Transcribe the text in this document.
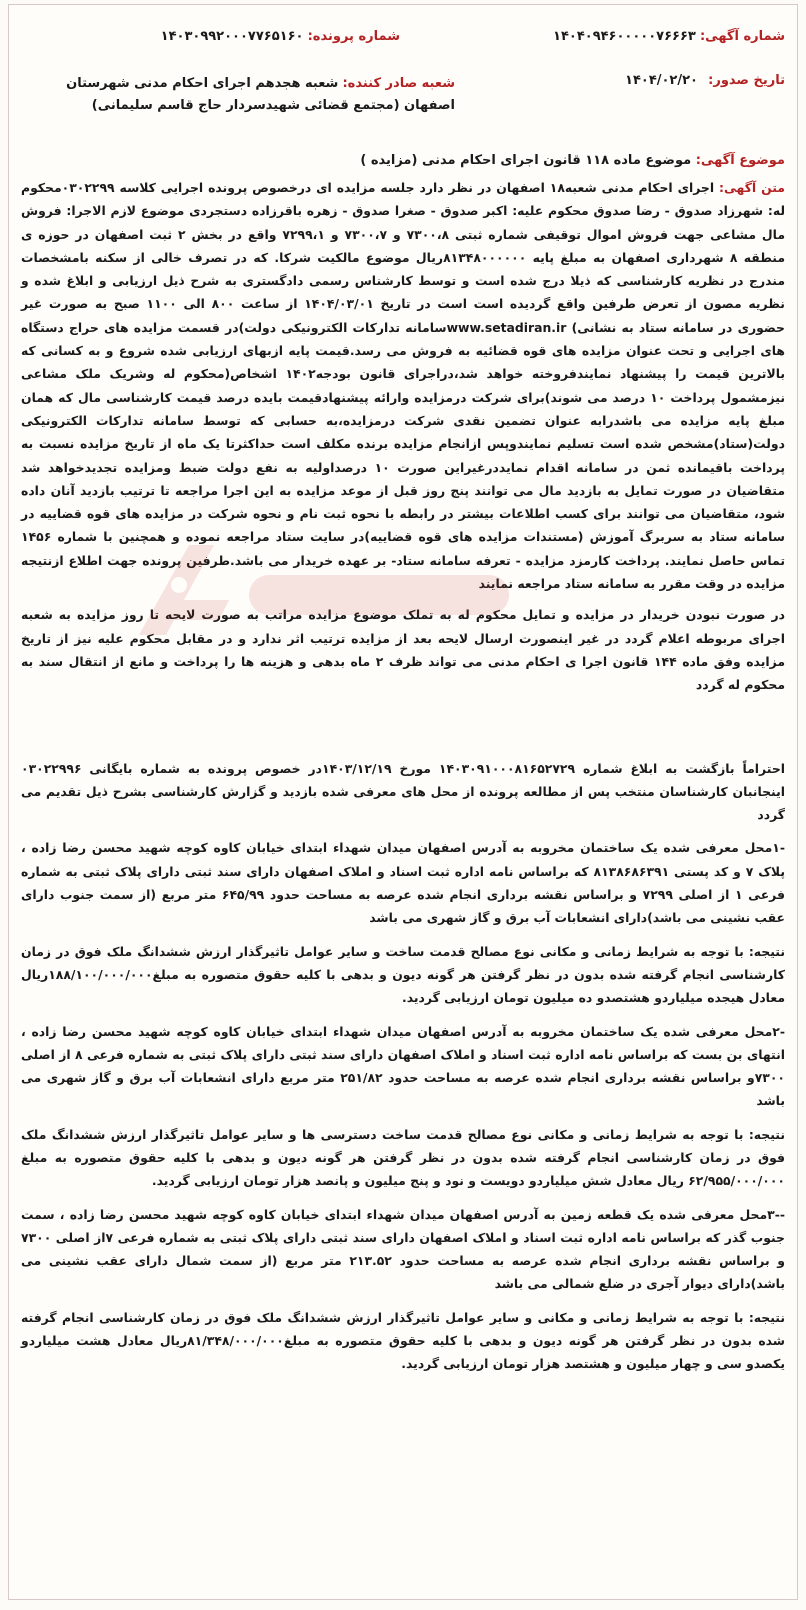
شماره آگهی: ۱۴۰۴۰۹۴۶۰۰۰۰۰۷۶۶۶۳
شماره پرونده: ۱۴۰۳۰۹۹۲۰۰۰۷۷۶۵۱۶۰
تاریخ صدور: ۱۴۰۴/۰۲/۲۰
شعبه صادر کننده: شعبه هجدهم اجرای احکام مدنی شهرستان اصفهان (مجتمع قضائی شهیدسردار حاج قاسم سلیمانی)
موضوع آگهی: موضوع ماده ۱۱۸ قانون اجرای احکام مدنی (مزایده )

متن آگهی: اجرای احکام مدنی شعبه۱۸ اصفهان در نظر دارد جلسه مزایده ای درخصوص پرونده اجرایی کلاسه ۰۳۰۲۲۹۹محکوم له: شهرزاد صدوق - رضا صدوق محکوم علیه: اکبر صدوق - صغرا صدوق - زهره باقرزاده دستجردی موضوع لازم الاجرا: فروش مال مشاعی جهت فروش اموال توقیفی شماره ثبتی ۷۳۰۰،۸ و ۷۳۰۰،۷ و ۷۲۹۹،۱ واقع در بخش ۲ ثبت اصفهان در حوزه ی منطقه ۸ شهرداری اصفهان به مبلغ پایه ۸۱۳۴۸۰۰۰۰۰۰ریال موضوع مالکیت شرکا. که در تصرف خالی از سکنه بامشخصات مندرج در نظریه کارشناسی که ذیلا درج شده است و توسط کارشناس رسمی دادگستری به شرح ذیل ارزیابی و ابلاغ شده و نظریه مصون از تعرض طرفین واقع گردیده است است در تاریخ ۱۴۰۴/۰۳/۰۱ از ساعت ۸۰۰ الی ۱۱۰۰ صبح به صورت غیر حضوری در سامانه ستاد به نشانی) www.setadiran.irسامانه تدارکات الکترونیکی دولت)در قسمت مزایده های حراج دستگاه های اجرایی و تحت عنوان مزایده های قوه قضائیه به فروش می رسد.قیمت پایه ازبهای ارزیابی شده شروع و به کسانی که بالاترین قیمت را پیشنهاد نمایندفروخته خواهد شد،دراجرای قانون بودجه۱۴۰۲ اشخاص(محکوم له وشریک ملک مشاعی نیزمشمول پرداخت ۱۰ درصد می شوند)برای شرکت درمزایده وارائه پیشنهادقیمت بایده درصد قیمت کارشناسی مال که همان مبلغ پایه مزایده می باشدرابه عنوان تضمین نقدی شرکت درمزایده،به حسابی که توسط سامانه تدارکات الکترونیکی دولت(ستاد)مشخص شده است تسلیم نمایندوپس ازانجام مزایده برنده مکلف است حداکثرتا یک ماه از تاریخ مزایده نسبت به پرداخت باقیمانده ثمن در سامانه اقدام نمایددرغیراین صورت ۱۰ درصداولیه به نفع دولت ضبط ومزایده تجدیدخواهد شد متقاضیان در صورت تمایل به بازدید مال می توانند پنج روز قبل از موعد مزایده به این اجرا مراجعه تا ترتیب بازدید آنان داده شود، متقاضیان می توانند برای کسب اطلاعات بیشتر در رابطه با نحوه ثبت نام و نحوه شرکت در مزایده های قوه قضاییه در سامانه ستاد به سربرگ آموزش (مستندات مزایده های قوه قضاییه)در سایت ستاد مراجعه نموده و همچنین با شماره ۱۴۵۶ تماس حاصل نمایند. پرداخت کارمزد مزایده - تعرفه سامانه ستاد- بر عهده خریدار می باشد.طرفین پرونده جهت اطلاع ازنتیجه مزایده در وقت مقرر به سامانه ستاد مراجعه نمایند

در صورت نبودن خریدار در مزایده و تمایل محکوم له به تملک موضوع مزایده مراتب به صورت لایحه تا روز مزایده به شعبه اجرای مربوطه اعلام گردد در غیر اینصورت ارسال لایحه بعد از مزایده ترتیب اثر ندارد و در مقابل محکوم علیه نیز از تاریخ مزایده وفق ماده ۱۴۴ قانون اجرا ی احکام مدنی می تواند ظرف ۲ ماه بدهی و هزینه ها را پرداخت و مانع از انتقال سند به محکوم له گردد

احتراماً بازگشت به ابلاغ شماره ۱۴۰۳۰۹۱۰۰۰۸۱۶۵۲۷۲۹ مورخ ۱۴۰۳/۱۲/۱۹در خصوص پرونده به شماره بایگانی ۰۳۰۲۲۹۹۶ اینجانبان کارشناسان منتخب پس از مطالعه پرونده از محل های معرفی شده بازدید و گزارش کارشناسی بشرح ذیل تقدیم می گردد

-۱محل معرفی شده یک ساختمان مخروبه به آدرس اصفهان میدان شهداء ابتدای خیابان کاوه کوچه شهید محسن رضا زاده ، پلاک ۷ و کد پستی ۸۱۳۸۶۸۶۳۹۱ که براساس نامه اداره ثبت اسناد و املاک اصفهان دارای سند ثبتی دارای پلاک ثبتی به شماره فرعی ۱ از اصلی ۷۲۹۹ و براساس نقشه برداری انجام شده عرصه به مساحت حدود ۶۴۵/۹۹ متر مربع (از سمت جنوب دارای عقب نشینی می باشد)دارای انشعابات آب برق و گاز شهری می باشد

نتیجه: با توجه به شرایط زمانی و مکانی نوع مصالح قدمت ساخت و سایر عوامل تاثیرگذار ارزش ششدانگ ملک فوق در زمان کارشناسی انجام گرفته شده بدون در نظر گرفتن هر گونه دیون و بدهی با کلیه حقوق متصوره به مبلغ۱۸۸/۱۰۰/۰۰۰/۰۰۰ریال معادل هیجده میلیاردو هشتصدو ده میلیون تومان ارزیابی گردید.

-۲محل معرفی شده یک ساختمان مخروبه به آدرس اصفهان میدان شهداء ابتدای خیابان کاوه کوچه شهید محسن رضا زاده ، انتهای بن بست که براساس نامه اداره ثبت اسناد و املاک اصفهان دارای سند ثبتی دارای پلاک ثبتی به شماره فرعی ۸ از اصلی ۷۳۰۰و براساس نقشه برداری انجام شده عرصه به مساحت حدود ۲۵۱/۸۲ متر مربع دارای انشعابات آب برق و گاز شهری می باشد

نتیجه: با توجه به شرایط زمانی و مکانی نوع مصالح قدمت ساخت دسترسی ها و سایر عوامل تاثیرگذار ارزش ششدانگ ملک فوق در زمان کارشناسی انجام گرفته شده بدون در نظر گرفتن هر گونه دیون و بدهی با کلیه حقوق متصوره به مبلغ ۶۲/۹۵۵/۰۰۰/۰۰۰ ریال معادل شش میلیاردو دویست و نود و پنج میلیون و پانصد هزار تومان ارزیابی گردید.

--۳محل معرفی شده یک قطعه زمین به آدرس اصفهان میدان شهداء ابتدای خیابان کاوه کوچه شهید محسن رضا زاده ، سمت جنوب گذر که براساس نامه اداره ثبت اسناد و املاک اصفهان دارای سند ثبتی دارای پلاک ثبتی به شماره فرعی ۷از اصلی ۷۳۰۰ و براساس نقشه برداری انجام شده عرصه به مساحت حدود ۲۱۳.۵۲ متر مربع (از سمت شمال دارای عقب نشینی می باشد)دارای دیوار آجری در ضلع شمالی می باشد

نتیجه: با توجه به شرایط زمانی و مکانی و سایر عوامل تاثیرگذار ارزش ششدانگ ملک فوق در زمان کارشناسی انجام گرفته شده بدون در نظر گرفتن هر گونه دیون و بدهی با کلیه حقوق متصوره به مبلغ۸۱/۳۴۸/۰۰۰/۰۰۰ریال معادل هشت میلیاردو یکصدو سی و چهار میلیون و هشتصد هزار تومان ارزیابی گردید.
